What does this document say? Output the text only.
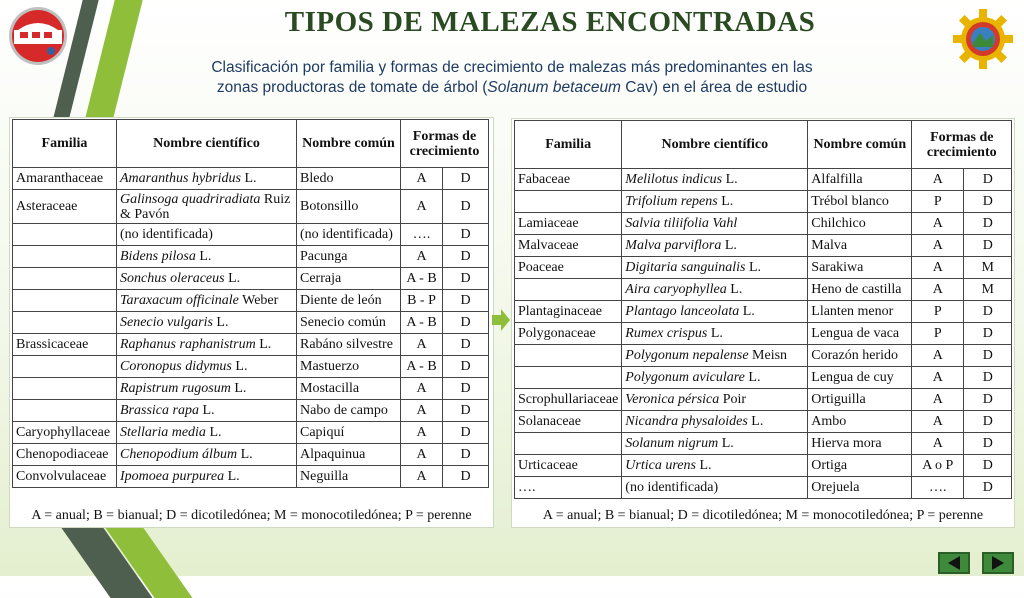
TIPOS DE MALEZAS ENCONTRADAS

Clasificación por familia y formas de crecimiento de malezas más predominantes en las
zonas productoras de tomate de árbol (Solanum betaceum Cav) en el área de estudio

Familia	Nombre científico	Nombre común	Formas de
crecimiento	
Amaranthaceae	Amaranthus hybridus L.	Bledo	A	D
Asteraceae	Galinsoga quadriradiata Ruiz & Pavón	Botonsillo	A	D
	(no identificada)	(no identificada)	….	D
	Bidens pilosa L.	Pacunga	A	D
	Sonchus oleraceus L.	Cerraja	A - B	D
	Taraxacum officinale Weber	Diente de león	B - P	D
	Senecio vulgaris L.	Senecio común	A - B	D
Brassicaceae	Raphanus raphanistrum L.	Rabáno silvestre	A	D
	Coronopus didymus L.	Mastuerzo	A - B	D
	Rapistrum rugosum L.	Mostacilla	A	D
	Brassica rapa L.	Nabo de campo	A	D
Caryophyllaceae	Stellaria media L.	Capiquí	A	D
Chenopodiaceae	Chenopodium álbum L.	Alpaquinua	A	D
Convolvulaceae	Ipomoea purpurea L.	Neguilla	A	D
A = anual; B = bianual; D = dicotiledónea; M = monocotiledónea; P = perenne
Familia	Nombre científico	Nombre común	Formas de
crecimiento	
Fabaceae	Melilotus indicus L.	Alfalfilla	A	D
	Trifolium repens L.	Trébol blanco	P	D
Lamiaceae	Salvia tiliifolia Vahl	Chilchico	A	D
Malvaceae	Malva parviflora L.	Malva	A	D
Poaceae	Digitaria sanguinalis L.	Sarakiwa	A	M
	Aira caryophyllea L.	Heno de castilla	A	M
Plantaginaceae	Plantago lanceolata L.	Llanten menor	P	D
Polygonaceae	Rumex crispus L.	Lengua de vaca	P	D
	Polygonum nepalense Meisn	Corazón herido	A	D
	Polygonum aviculare L.	Lengua de cuy	A	D
Scrophullariaceae	Veronica pérsica Poir	Ortiguilla	A	D
Solanaceae	Nicandra physaloides L.	Ambo	A	D
	Solanum nigrum L.	Hierva mora	A	D
Urticaceae	Urtica urens L.	Ortiga	A o P	D
….	(no identificada)	Orejuela	….	D
A = anual; B = bianual; D = dicotiledónea; M = monocotiledónea; P = perenne
